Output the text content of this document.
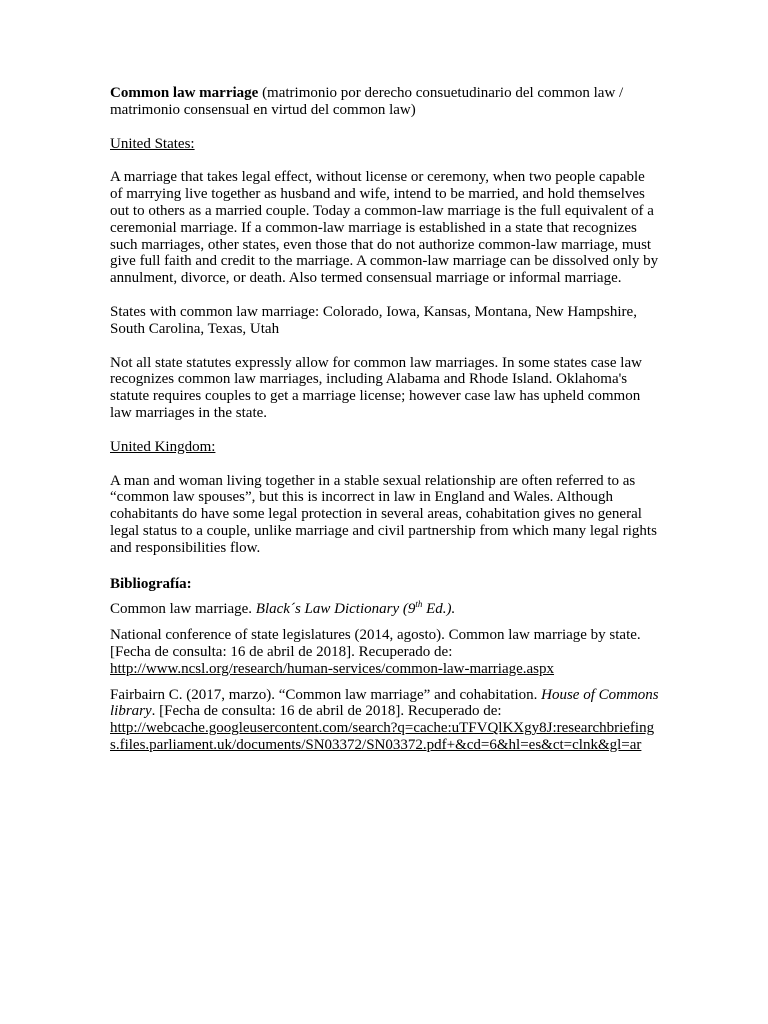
Common law marriage (matrimonio por derecho consuetudinario del common law / matrimonio consensual en virtud del common law)

United States:

A marriage that takes legal effect, without license or ceremony, when two people capable of marrying live together as husband and wife, intend to be married, and hold themselves out to others as a married couple. Today a common-law marriage is the full equivalent of a ceremonial marriage. If a common-law marriage is established in a state that recognizes such marriages, other states, even those that do not authorize common-law marriage, must give full faith and credit to the marriage. A common-law marriage can be dissolved only by annulment, divorce, or death. Also termed consensual marriage or informal marriage.

States with common law marriage: Colorado, Iowa, Kansas, Montana, New Hampshire, South Carolina, Texas, Utah

Not all state statutes expressly allow for common law marriages. In some states case law recognizes common law marriages, including Alabama and Rhode Island. Oklahoma's statute requires couples to get a marriage license; however case law has upheld common law marriages in the state.

United Kingdom:

A man and woman living together in a stable sexual relationship are often referred to as “common law spouses”, but this is incorrect in law in England and Wales. Although cohabitants do have some legal protection in several areas, cohabitation gives no general legal status to a couple, unlike marriage and civil partnership from which many legal rights and responsibilities flow.

Bibliografía:

Common law marriage. Black´s Law Dictionary (9th Ed.).

National conference of state legislatures (2014, agosto). Common law marriage by state. [Fecha de consulta: 16 de abril de 2018]. Recuperado de:
http://www.ncsl.org/research/human-services/common-law-marriage.aspx

Fairbairn C. (2017, marzo). “Common law marriage” and cohabitation. House of Commons library. [Fecha de consulta: 16 de abril de 2018]. Recuperado de:
http://webcache.googleusercontent.com/search?q=cache:uTFVQlKXgy8J:researchbriefings.files.parliament.uk/documents/SN03372/SN03372.pdf+&cd=6&hl=es&ct=clnk&gl=ar
